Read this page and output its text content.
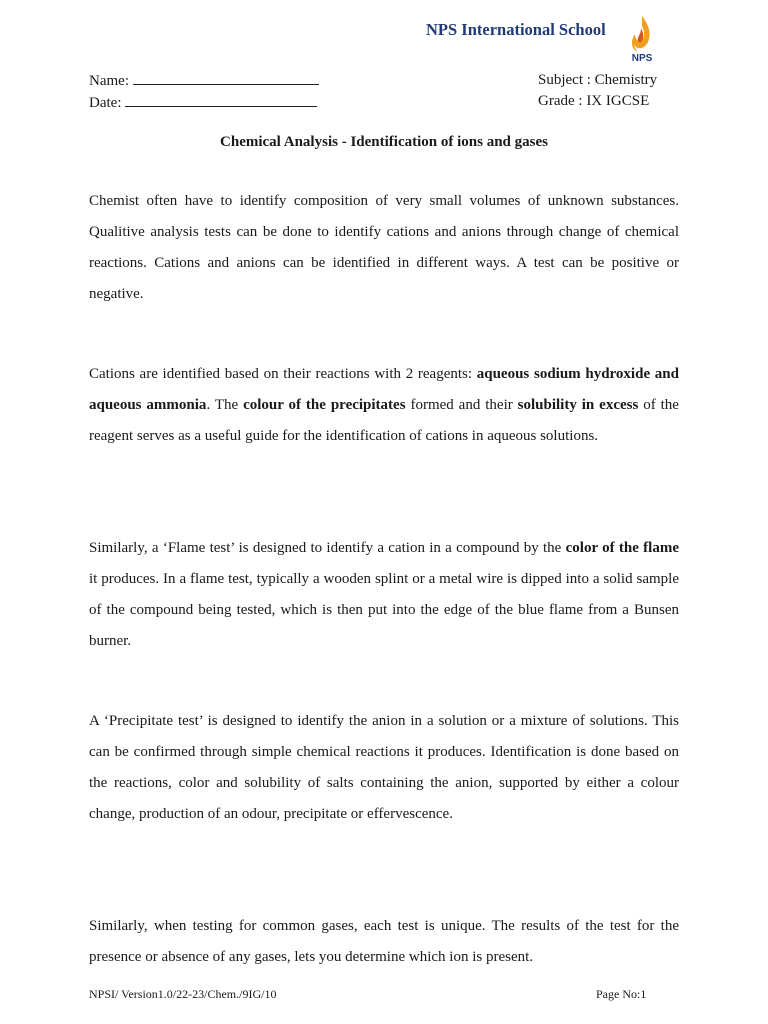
NPS International School
NPS
Name:
Date:
Subject : Chemistry
Grade : IX IGCSE
Chemical Analysis - Identification of ions and gases

Chemist often have to identify composition of very small volumes of unknown substances. Qualitive analysis tests can be done to identify cations and anions through change of chemical reactions. Cations and anions can be identified in different ways. A test can be positive or negative.

Cations are identified based on their reactions with 2 reagents: aqueous sodium hydroxide and aqueous ammonia. The colour of the precipitates formed and their solubility in excess of the reagent serves as a useful guide for the identification of cations in aqueous solutions.

Similarly, a ‘Flame test’ is designed to identify a cation in a compound by the color of the flame it produces. In a flame test, typically a wooden splint or a metal wire is dipped into a solid sample of the compound being tested, which is then put into the edge of the blue flame from a Bunsen burner.

A ‘Precipitate test’ is designed to identify the anion in a solution or a mixture of solutions. This can be confirmed through simple chemical reactions it produces. Identification is done based on the reactions, color and solubility of salts containing the anion, supported by either a colour change, production of an odour, precipitate or effervescence.

Similarly, when testing for common gases, each test is unique. The results of the test for the presence or absence of any gases, lets you determine which ion is present.

NPSI/ Version1.0/22-23/Chem./9IG/10	Page No:1
